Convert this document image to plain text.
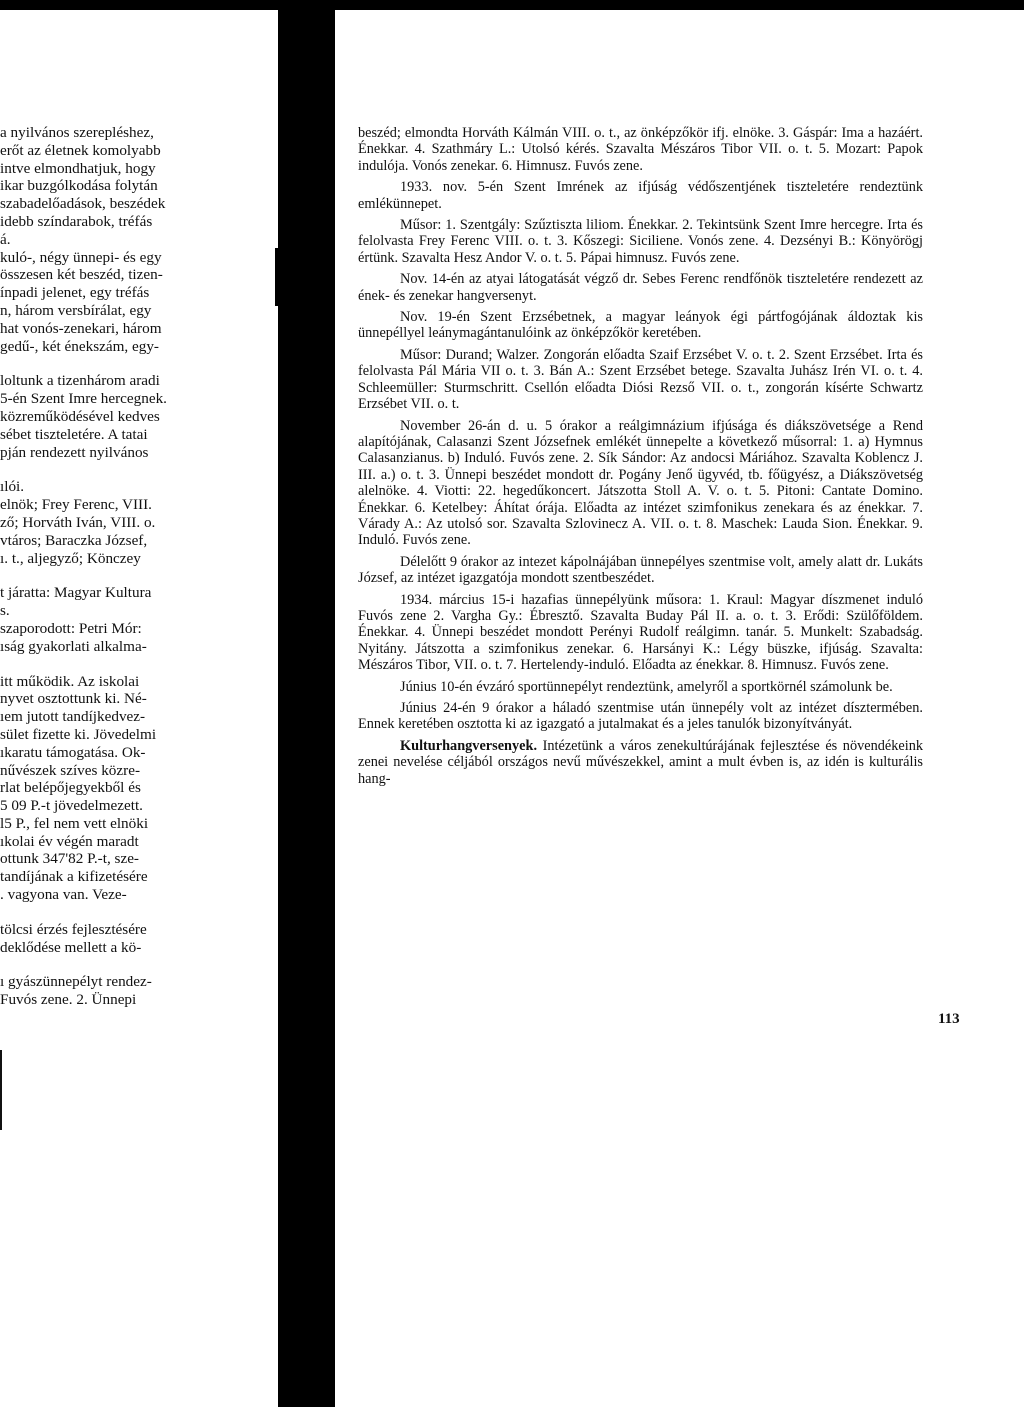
a nyilvános szerepléshez,

erőt az életnek komolyabb

intve elmondhatjuk, hogy

ikar buzgólkodása folytán

szabadelőadások, beszédek

idebb színdarabok, tréfás

á.

kuló-, négy ünnepi- és egy

összesen két beszéd, tizen-

ínpadi jelenet, egy tréfás

n, három versbírálat, egy

hat vonós-zenekari, három

gedű-, két énekszám, egy-

loltunk a tizenhárom aradi

5-én Szent Imre hercegnek.

közreműködésével kedves

sébet tiszteletére. A tatai

pján rendezett nyilvános

ılói.

elnök; Frey Ferenc, VIII.

ző; Horváth Iván, VIII. o.

vtáros; Baraczka József,

ı. t., aljegyző; Könczey

t járatta: Magyar Kultura

s.

szaporodott: Petri Mór:

ıság gyakorlati alkalma-

itt működik. Az iskolai

nyvet osztottunk ki. Né-

ıem jutott tandíjkedvez-

sület fizette ki. Jövedelmi

ıkaratu támogatása. Ok-

nűvészek szíves közre-

rlat belépőjegyekből és

5 09 P.-t jövedelmezett.

l5 P., fel nem vett elnöki

ıkolai év végén maradt

ottunk 347'82 P.-t, sze-

tandíjának a kifizetésére

. vagyona van. Veze-

tölcsi érzés fejlesztésére

deklődése mellett a kö-

ı gyászünnepélyt rendez-

Fuvós zene. 2. Ünnepi

beszéd; elmondta Horváth Kálmán VIII. o. t., az önképzőkör ifj. elnöke. 3. Gáspár: Ima a hazáért. Énekkar. 4. Szathmáry L.: Utolsó kérés. Szavalta Mészáros Tibor VII. o. t. 5. Mozart: Papok indulója. Vonós zenekar. 6. Himnusz. Fuvós zene.

1933. nov. 5-én Szent Imrének az ifjúság védőszentjének tiszteletére rendeztünk emlékünnepet.

Műsor: 1. Szentgály: Szűztiszta liliom. Énekkar. 2. Tekintsünk Szent Imre hercegre. Irta és felolvasta Frey Ferenc VIII. o. t. 3. Kőszegi: Siciliene. Vonós zene. 4. Dezsényi B.: Könyörögj értünk. Szavalta Hesz Andor V. o. t. 5. Pápai himnusz. Fuvós zene.

Nov. 14-én az atyai látogatását végző dr. Sebes Ferenc rendfőnök tiszteletére rendezett az ének- és zenekar hangversenyt.

Nov. 19-én Szent Erzsébetnek, a magyar leányok égi pártfogójának áldoztak kis ünnepéllyel leánymagántanulóink az önképzőkör keretében.

Műsor: Durand; Walzer. Zongorán előadta Szaif Erzsébet V. o. t. 2. Szent Erzsébet. Irta és felolvasta Pál Mária VII o. t. 3. Bán A.: Szent Erzsébet betege. Szavalta Juhász Irén VI. o. t. 4. Schleemüller: Sturmschritt. Csellón előadta Diósi Rezső VII. o. t., zongorán kísérte Schwartz Erzsébet VII. o. t.

November 26-án d. u. 5 órakor a reálgimnázium ifjúsága és diákszövetsége a Rend alapítójának, Calasanzi Szent Józsefnek emlékét ünnepelte a következő műsorral: 1. a) Hymnus Calasanzianus. b) Induló. Fuvós zene. 2. Sík Sándor: Az andocsi Máriához. Szavalta Koblencz J. III. a.) o. t. 3. Ünnepi beszédet mondott dr. Pogány Jenő ügyvéd, tb. főügyész, a Diákszövetség alelnöke. 4. Viotti: 22. hegedűkoncert. Játszotta Stoll A. V. o. t. 5. Pitoni: Cantate Domino. Énekkar. 6. Ketelbey: Áhítat órája. Előadta az intézet szimfonikus zenekara és az énekkar. 7. Várady A.: Az utolsó sor. Szavalta Szlovinecz A. VII. o. t. 8. Maschek: Lauda Sion. Énekkar. 9. Induló. Fuvós zene.

Délelőtt 9 órakor az intezet kápolnájában ünnepélyes szentmise volt, amely alatt dr. Lukáts József, az intézet igazgatója mondott szentbeszédet.

1934. március 15-i hazafias ünnepélyünk műsora: 1. Kraul: Magyar díszmenet induló Fuvós zene 2. Vargha Gy.: Ébresztő. Szavalta Buday Pál II. a. o. t. 3. Erődi: Szülőföldem. Énekkar. 4. Ünnepi beszédet mondott Perényi Rudolf reálgimn. tanár. 5. Munkelt: Szabadság. Nyitány. Játszotta a szimfonikus zenekar. 6. Harsányi K.: Légy büszke, ifjúság. Szavalta: Mészáros Tibor, VII. o. t. 7. Hertelendy-induló. Előadta az énekkar. 8. Himnusz. Fuvós zene.

Június 10-én évzáró sportünnepélyt rendeztünk, amelyről a sportkörnél számolunk be.

Június 24-én 9 órakor a háladó szentmise után ünnepély volt az intézet dísztermében. Ennek keretében osztotta ki az igazgató a jutalmakat és a jeles tanulók bizonyítványát.

Kulturhangversenyek. Intézetünk a város zenekultúrájának fejlesztése és növendékeink zenei nevelése céljából országos nevű művészekkel, amint a mult évben is, az idén is kulturális hang-

113
